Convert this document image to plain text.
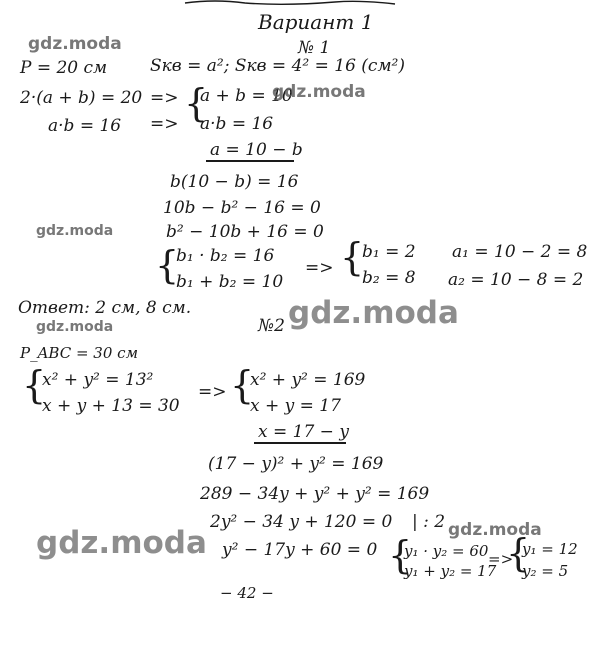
Вариант 1
№ 1
P = 20 см	Sкв = a²; Sкв = 4² = 16 (см²)
2·(a + b) = 20 => {
a + b = 10
a·b = 16 => a·b = 16
a = 10 − b
b(10 − b) = 16
10b − b² − 16 = 0
b² − 10b + 16 = 0
{
b₁ · b₂ = 16
b₁ + b₂ = 10
=> {
b₁ = 2
b₂ = 8
a₁ = 10 − 2 = 8
a₂ = 10 − 8 = 2
Ответ: 2 см, 8 см.
№2
P_ABC = 30 см
{
x² + y² = 13²
x + y + 13 = 30
=> {
x² + y² = 169
x + y = 17
x = 17 − y
(17 − y)² + y² = 169
289 − 34y + y² + y² = 169
2y² − 34 y + 120 = 0 | : 2
y² − 17y + 60 = 0 {
y₁ · y₂ = 60
y₁ + y₂ = 17
=>
{
y₁ = 12
y₂ = 5
− 42 −
gdz.moda
gdz.moda
gdz.moda
gdz.moda
gdz.moda
gdz.moda
gdz.moda
